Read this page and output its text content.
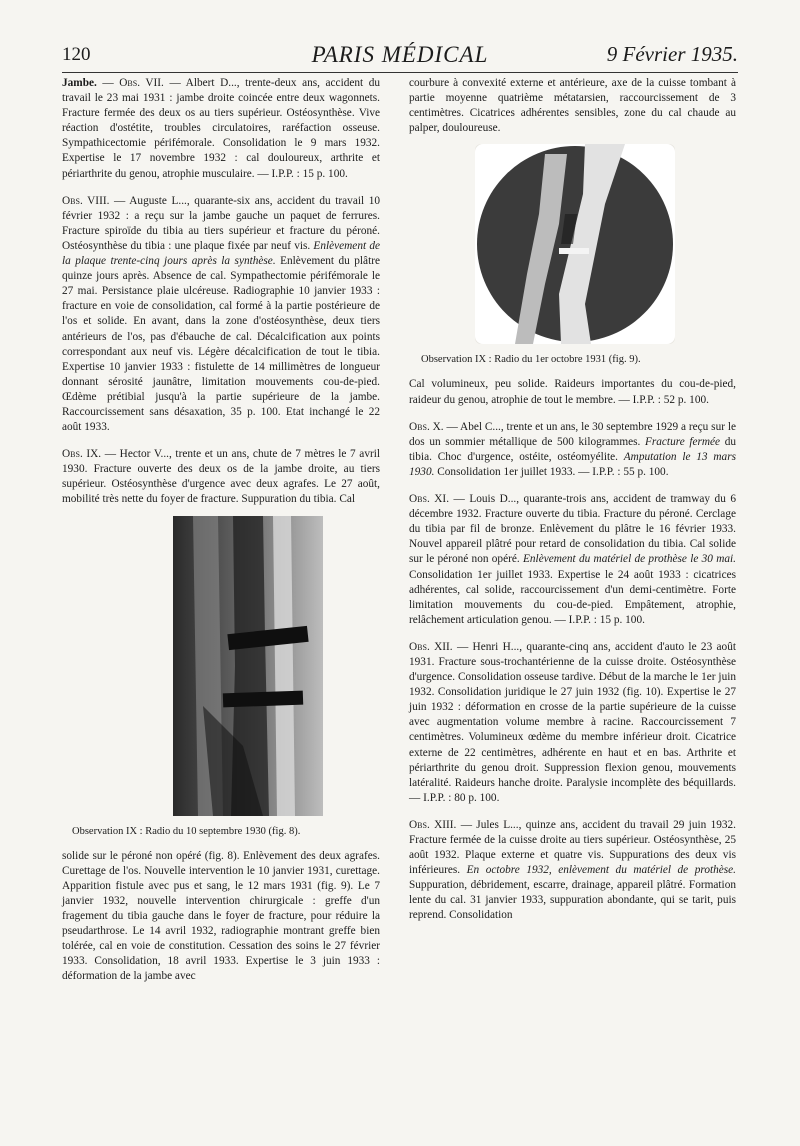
120	PARIS MÉDICAL	9 Février 1935.

Jambe. — Obs. VII. — Albert D..., trente-deux ans, accident du travail le 23 mai 1931 : jambe droite coincée entre deux wagonnets. Fracture fermée des deux os au tiers supérieur. Ostéosynthèse. Vive réaction d'ostétite, troubles circulatoires, raréfaction osseuse. Sympathicectomie périfémorale. Consolidation le 9 mars 1932. Expertise le 17 novembre 1932 : cal douloureux, arthrite et périarthrite du genou, atrophie musculaire. — I.P.P. : 15 p. 100.

Obs. VIII. — Auguste L..., quarante-six ans, accident du travail 10 février 1932 : a reçu sur la jambe gauche un paquet de ferrures. Fracture spiroïde du tibia au tiers supérieur et fracture du péroné. Ostéosynthèse du tibia : une plaque fixée par neuf vis. Enlèvement de la plaque trente-cinq jours après la synthèse. Enlèvement du plâtre quinze jours après. Absence de cal. Sympathectomie périfémorale le 27 mai. Persistance plaie ulcéreuse. Radiographie 10 janvier 1933 : fracture en voie de consolidation, cal formé à la partie postérieure de l'os et solide. En avant, dans la zone d'ostéosynthèse, deux tiers antérieurs de l'os, pas d'ébauche de cal. Décalcification aux points correspondant aux neuf vis. Légère décalcification de tout le tibia. Expertise 10 janvier 1933 : fistulette de 14 millimètres de longueur donnant sérosité jaunâtre, limitation mouvements cou-de-pied. Œdème prétibial jusqu'à la partie supérieure de la jambe. Raccourcissement sans désaxation, 35 p. 100. Etat inchangé le 22 août 1933.

Obs. IX. — Hector V..., trente et un ans, chute de 7 mètres le 7 avril 1930. Fracture ouverte des deux os de la jambe droite, au tiers supérieur. Ostéosynthèse d'urgence avec deux agrafes. Le 27 août, mobilité très nette du foyer de fracture. Suppuration du tibia. Cal

Observation IX : Radio du 10 septembre 1930 (fig. 8).

solide sur le péroné non opéré (fig. 8). Enlèvement des deux agrafes. Curettage de l'os. Nouvelle intervention le 10 janvier 1931, curettage. Apparition fistule avec pus et sang, le 12 mars 1931 (fig. 9). Le 7 janvier 1932, nouvelle intervention chirurgicale : greffe d'un fragement du tibia gauche dans le foyer de fracture, pour réduire la pseudarthrose. Le 14 avril 1932, radiographie montrant greffe bien tolérée, cal en voie de constitution. Cessation des soins le 27 février 1933. Consolidation, 18 avril 1933. Expertise le 3 juin 1933 : déformation de la jambe avec

courbure à convexité externe et antérieure, axe de la cuisse tombant à partie moyenne quatrième métatarsien, raccourcissement de 3 centimètres. Cicatrices adhérentes sensibles, zone du cal chaude au palper, douloureuse.

Observation IX : Radio du 1er octobre 1931 (fig. 9).

Cal volumineux, peu solide. Raideurs importantes du cou-de-pied, raideur du genou, atrophie de tout le membre. — I.P.P. : 52 p. 100.

Obs. X. — Abel C..., trente et un ans, le 30 septembre 1929 a reçu sur le dos un sommier métallique de 500 kilogrammes. Fracture fermée du tibia. Choc d'urgence, ostéite, ostéomyélite. Amputation le 13 mars 1930. Consolidation 1er juillet 1933. — I.P.P. : 55 p. 100.

Obs. XI. — Louis D..., quarante-trois ans, accident de tramway du 6 décembre 1932. Fracture ouverte du tibia. Fracture du péroné. Cerclage du tibia par fil de bronze. Enlèvement du plâtre le 16 février 1933. Nouvel appareil plâtré pour retard de consolidation du tibia. Cal solide sur le péroné non opéré. Enlèvement du matériel de prothèse le 30 mai. Consolidation 1er juillet 1933. Expertise le 24 août 1933 : cicatrices adhérentes, cal solide, raccourcissement d'un demi-centimètre. Forte limitation mouvements du cou-de-pied. Empâtement, atrophie, relâchement articulation genou. — I.P.P. : 15 p. 100.

Obs. XII. — Henri H..., quarante-cinq ans, accident d'auto le 23 août 1931. Fracture sous-trochantérienne de la cuisse droite. Ostéosynthèse d'urgence. Consolidation osseuse tardive. Début de la marche le 1er juin 1932. Consolidation juridique le 27 juin 1932 (fig. 10). Expertise le 27 juin 1932 : déformation en crosse de la partie supérieure de la cuisse avec augmentation volume membre à racine. Raccourcissement 7 centimètres. Volumineux œdème du membre inférieur droit. Cicatrice externe de 22 centimètres, adhérente en haut et en bas. Arthrite et périarthrite du genou droit. Suppression flexion genou, mouvements latéralité. Raideurs hanche droite. Paralysie incomplète des béquillards. — I.P.P. : 80 p. 100.

Obs. XIII. — Jules L..., quinze ans, accident du travail 29 juin 1932. Fracture fermée de la cuisse droite au tiers supérieur. Ostéosynthèse, 25 août 1932. Plaque externe et quatre vis. Suppurations des deux vis inférieures. En octobre 1932, enlèvement du matériel de prothèse. Suppuration, débridement, escarre, drainage, appareil plâtré. Formation lente du cal. 31 janvier 1933, suppuration abondante, qui se tarit, puis reprend. Consolidation
